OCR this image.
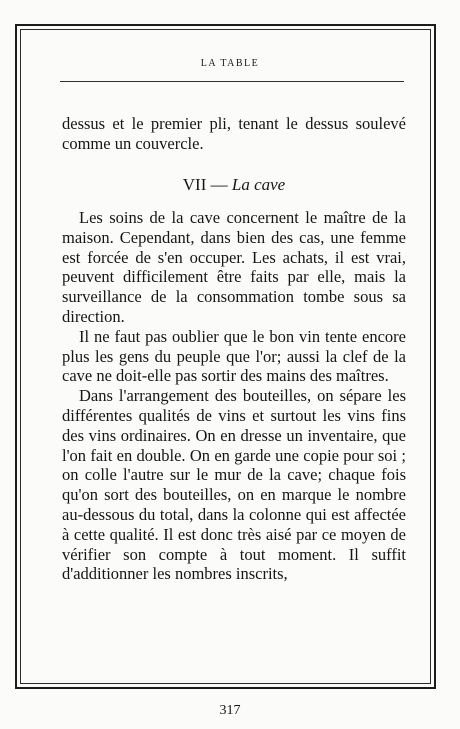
LA TABLE
dessus et le premier pli, tenant le dessus soulevé comme un couvercle.
VII — La cave

Les soins de la cave concernent le maître de la maison. Cependant, dans bien des cas, une femme est forcée de s'en occuper. Les achats, il est vrai, peuvent difficilement être faits par elle, mais la surveillance de la consommation tombe sous sa direction.

Il ne faut pas oublier que le bon vin tente encore plus les gens du peuple que l'or; aussi la clef de la cave ne doit-elle pas sortir des mains des maîtres.

Dans l'arrangement des bouteilles, on sépare les différentes qualités de vins et surtout les vins fins des vins ordinaires. On en dresse un inventaire, que l'on fait en double. On en garde une copie pour soi ; on colle l'autre sur le mur de la cave; chaque fois qu'on sort des bouteilles, on en marque le nombre au-dessous du total, dans la colonne qui est affectée à cette qualité. Il est donc très aisé par ce moyen de vérifier son compte à tout moment. Il suffit d'additionner les nombres inscrits,

317
